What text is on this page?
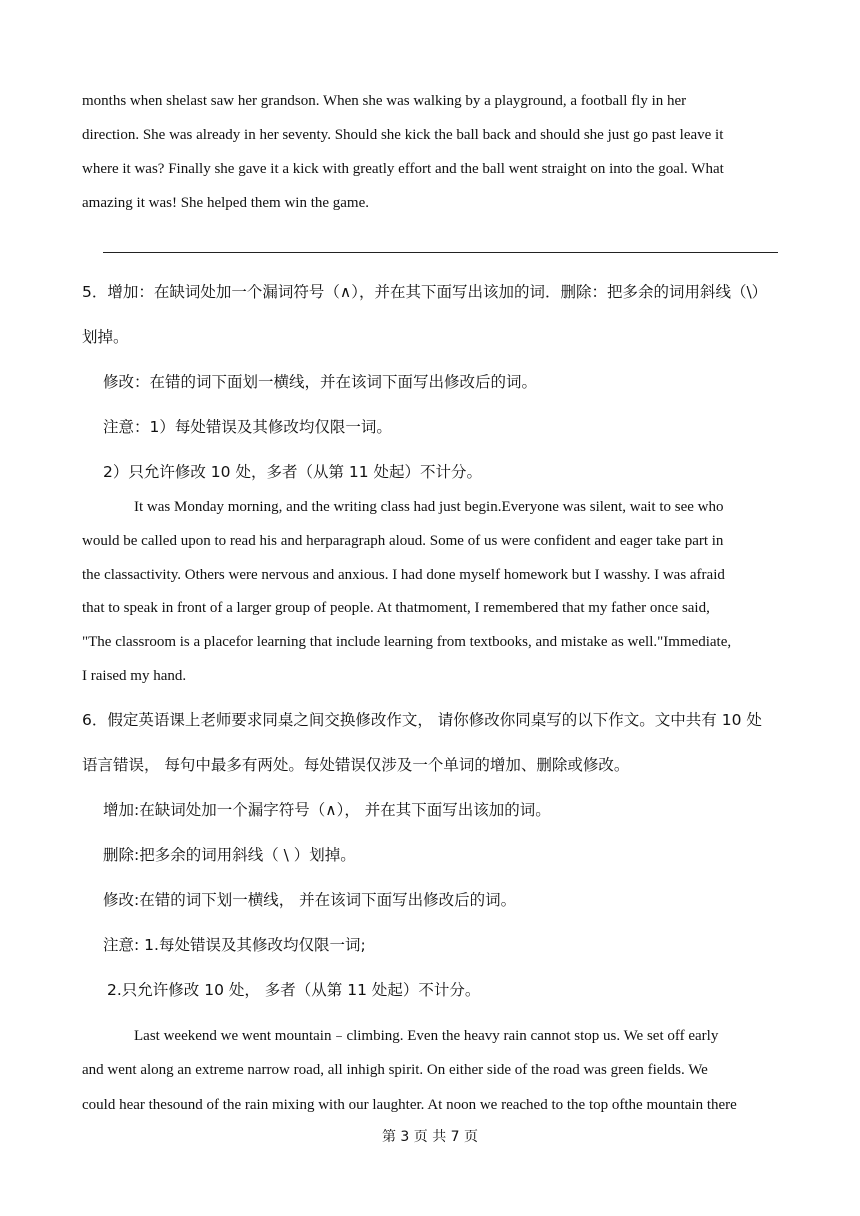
months when shelast saw her grandson. When she was walking by a playground, a football fly in her
direction. She was already in her seventy. Should she kick the ball back and should she just go past leave it
where it was? Finally she gave it a kick with greatly effort and the ball went straight on into the goal. What
amazing it was! She helped them win the game.
5．增加：在缺词处加一个漏词符号（∧），并在其下面写出该加的词．删除：把多余的词用斜线（\）
划掉。
修改：在错的词下面划一横线，并在该词下面写出修改后的词。
注意：1）每处错误及其修改均仅限一词。
2）只允许修改 10 处，多者（从第 11 处起）不计分。
It was Monday morning, and the writing class had just begin.Everyone was silent, wait to see who
would be called upon to read his and herparagraph aloud. Some of us were confident and eager take part in
the classactivity. Others were nervous and anxious. I had done myself homework but I wasshy. I was afraid
that to speak in front of a larger group of people. At thatmoment, I remembered that my father once said,
"The classroom is a placefor learning that include learning from textbooks, and mistake as well."Immediate,
I raised my hand.
6．假定英语课上老师要求同桌之间交换修改作文， 请你修改你同桌写的以下作文。文中共有 10 处
语言错误， 每句中最多有两处。每处错误仅涉及一个单词的增加、删除或修改。
增加:在缺词处加一个漏字符号（∧）， 并在其下面写出该加的词。
删除:把多余的词用斜线（ \ ）划掉。
修改:在错的词下划一横线， 并在该词下面写出修改后的词。
注意: 1.每处错误及其修改均仅限一词;
2.只允许修改 10 处， 多者（从第 11 处起）不计分。
Last weekend we went mountain﹣climbing. Even the heavy rain cannot stop us. We set off early
and went along an extreme narrow road, all inhigh spirit. On either side of the road was green fields. We
could hear thesound of the rain mixing with our laughter. At noon we reached to the top ofthe mountain there
第 3 页 共 7 页
